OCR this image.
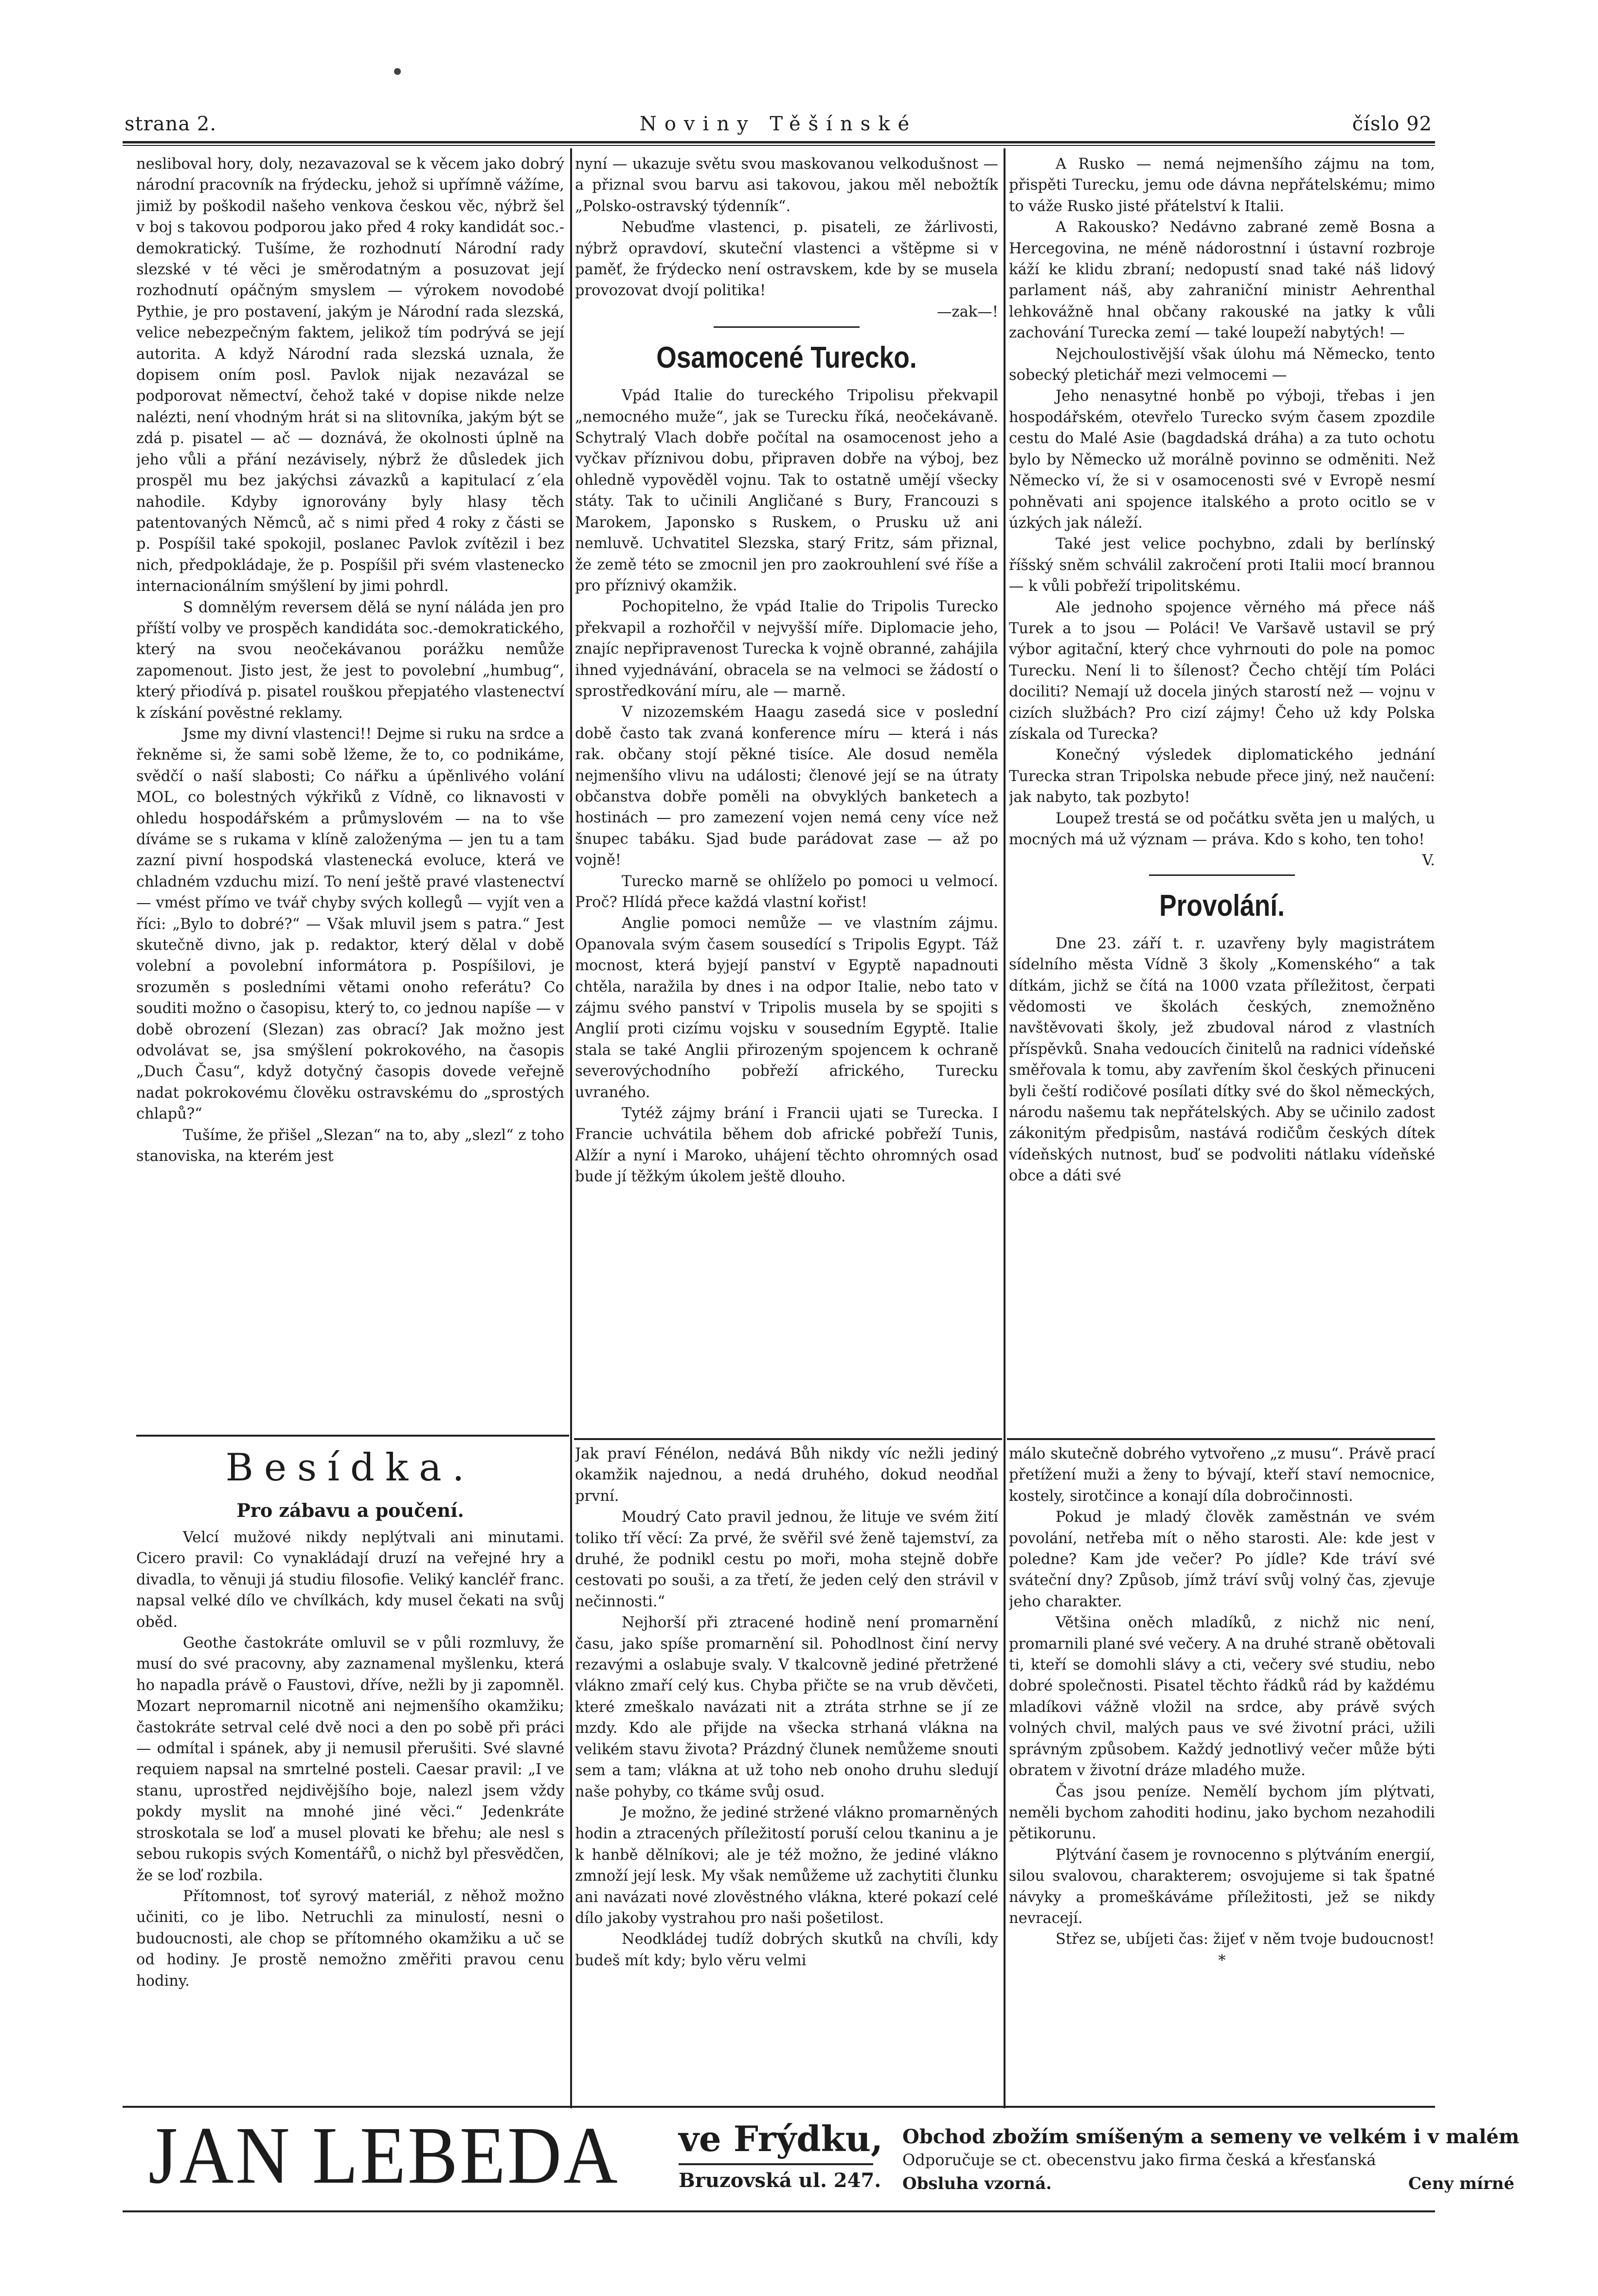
strana 2.	Noviny Těšínské	číslo 92

nesliboval hory, doly, nezavazoval se k věcem jako dobrý národní pracovník na frýdecku, jehož si upřímně vážíme, jimiž by poškodil našeho venkova českou věc, nýbrž šel v boj s takovou podporou jako před 4 roky kandidát soc.-demokratický. Tušíme, že rozhodnutí Národní rady slezské v té věci je směrodatným a posuzovat její rozhodnutí opáčným smyslem — výrokem novodobé Pythie, je pro postavení, jakým je Národní rada slezská, velice nebezpečným faktem, jelikož tím podrývá se její autorita. A když Národní rada slezská uznala, že dopisem oním posl. Pavlok nijak nezavázal se podporovat němectví, čehož také v dopise nikde nelze nalézti, není vhodným hrát si na slitovníka, jakým být se zdá p. pisatel — ač — doznává, že okolnosti úplně na jeho vůli a přání nezávisely, nýbrž že důsledek jich prospěl mu bez jakýchsi závazků a kapitulací z´ela nahodile. Kdyby ignorovány byly hlasy těch patentovaných Němců, ač s nimi před 4 roky z části se p. Pospíšil také spokojil, poslanec Pavlok zvítězil i bez nich, předpokládaje, že p. Pospíšil při svém vlastenecko internacionálním smýšlení by jimi pohrdl.

S domnělým reversem dělá se nyní náláda jen pro příští volby ve prospěch kandidáta soc.-demokratického, který na svou neočekávanou porážku nemůže zapomenout. Jisto jest, že jest to povolební „humbug“, který přiodívá p. pisatel rouškou přepjatého vlastenectví k získání pověstné reklamy.

Jsme my divní vlastenci!! Dejme si ruku na srdce a řekněme si, že sami sobě lžeme, že to, co podnikáme, svědčí o naší slabosti; Co nářku a úpěnlivého volání MOL, co bolestných výkřiků z Vídně, co liknavosti v ohledu hospodářském a průmyslovém — na to vše díváme se s rukama v klíně založenýma — jen tu a tam zazní pivní hospodská vlastenecká evoluce, která ve chladném vzduchu mizí. To není ještě pravé vlastenectví — vmést přímo ve tvář chyby svých kollegů — vyjít ven a říci: „Bylo to dobré?“ — Však mluvil jsem s patra.“ Jest skutečně divno, jak p. redaktor, který dělal v době volební a povolební informátora p. Pospíšilovi, je srozuměn s posledními větami onoho referátu? Co souditi možno o časopisu, který to, co jednou napíše — v době obrození (Slezan) zas obrací? Jak možno jest odvolávat se, jsa smýšlení pokrokového, na časopis „Duch Času“, když dotyčný časopis dovede veřejně nadat pokrokovému člověku ostravskému do „sprostých chlapů?“

Tušíme, že přišel „Slezan“ na to, aby „slezl“ z toho stanoviska, na kterém jest

nyní — ukazuje světu svou maskovanou velkodušnost — a přiznal svou barvu asi takovou, jakou měl nebožtík „Polsko-ostravský týdenník“.

Nebuďme vlastenci, p. pisateli, ze žárlivosti, nýbrž opravdoví, skuteční vlastenci a vštěpme si v paměť, že frýdecko není ostravskem, kde by se musela provozovat dvojí politika!

—zak—!

Osamocené Turecko.

Vpád Italie do tureckého Tripolisu překvapil „nemocného muže“, jak se Turecku říká, neočekávaně. Schytralý Vlach dobře počítal na osamocenost jeho a vyčkav příznivou dobu, připraven dobře na výboj, bez ohledně vypověděl vojnu. Tak to ostatně umějí všecky státy. Tak to učinili Angličané s Bury, Francouzi s Marokem, Japonsko s Ruskem, o Prusku už ani nemluvě. Uchvatitel Slezska, starý Fritz, sám přiznal, že země této se zmocnil jen pro zaokrouhlení své říše a pro příznivý okamžik.

Pochopitelno, že vpád Italie do Tripolis Turecko překvapil a rozhořčil v nejvyšší míře. Diplomacie jeho, znajíc nepřipravenost Turecka k vojně obranné, zahájila ihned vyjednávání, obracela se na velmoci se žádostí o sprostředkování míru, ale — marně.

V nizozemském Haagu zasedá sice v poslední době často tak zvaná konference míru — která i nás rak. občany stojí pěkné tisíce. Ale dosud neměla nejmenšího vlivu na události; členové její se na útraty občanstva dobře poměli na obvyklých banketech a hostinách — pro zamezení vojen nemá ceny více než šnupec tabáku. Sjad bude parádovat zase — až po vojně!

Turecko marně se ohlíželo po pomoci u velmocí. Proč? Hlídá přece každá vlastní kořist!

Anglie pomoci nemůže — ve vlastním zájmu. Opanovala svým časem sousedící s Tripolis Egypt. Táž mocnost, která byjejí panství v Egyptě napadnouti chtěla, naražila by dnes i na odpor Italie, nebo tato v zájmu svého panství v Tripolis musela by se spojiti s Anglií proti cizímu vojsku v sousedním Egyptě. Italie stala se také Anglii přirozeným spojencem k ochraně severovýchodního pobřeží afrického, Turecku uvraného.

Tytéž zájmy brání i Francii ujati se Turecka. I Francie uchvátila během dob africké pobřeží Tunis, Alžír a nyní i Maroko, uhájení těchto ohromných osad bude jí těžkým úkolem ještě dlouho.

A Rusko — nemá nejmenšího zájmu na tom, přispěti Turecku, jemu ode dávna nepřátelskému; mimo to váže Rusko jisté přátelství k Italii.

A Rakousko? Nedávno zabrané země Bosna a Hercegovina, ne méně nádorostnní i ústavní rozbroje káží ke klidu zbraní; nedopustí snad také náš lidový parlament náš, aby zahraniční ministr Aehrenthal lehkovážně hnal občany rakouské na jatky k vůli zachování Turecka zemí — také loupeží nabytých! —

Nejchoulostivější však úlohu má Německo, tento sobecký pletichář mezi velmocemi —

Jeho nenasytné honbě po výboji, třebas i jen hospodářském, otevřelo Turecko svým časem zpozdile cestu do Malé Asie (bagdadská dráha) a za tuto ochotu bylo by Německo už morálně povinno se odměniti. Než Německo ví, že si v osamocenosti své v Evropě nesmí pohněvati ani spojence italského a proto ocitlo se v úzkých jak náleží.

Také jest velice pochybno, zdali by berlínský říšský sněm schválil zakročení proti Italii mocí brannou — k vůli pobřeží tripolitskému.

Ale jednoho spojence věrného má přece náš Turek a to jsou — Poláci! Ve Varšavě ustavil se prý výbor agitační, který chce vyhrnouti do pole na pomoc Turecku. Není li to šílenost? Čecho chtějí tím Poláci dociliti? Nemají už docela jiných starostí než — vojnu v cizích službách? Pro cizí zájmy! Čeho už kdy Polska získala od Turecka?

Konečný výsledek diplomatického jednání Turecka stran Tripolska nebude přece jiný, než naučení: jak nabyto, tak pozbyto!

Loupež trestá se od počátku světa jen u malých, u mocných má už význam — práva. Kdo s koho, ten toho!

V.

Provolání.

Dne 23. září t. r. uzavřeny byly magistrátem sídelního města Vídně 3 školy „Komenského“ a tak dítkám, jichž se čítá na 1000 vzata příležitost, čerpati vědomosti ve školách českých, znemožněno navštěvovati školy, jež zbudoval národ z vlastních příspěvků. Snaha vedoucích činitelů na radnici vídeňské směřovala k tomu, aby zavřením škol českých přinuceni byli čeští rodičové posílati dítky své do škol německých, národu našemu tak nepřátelských. Aby se učinilo zadost zákonitým předpisům, nastává rodičům českých dítek vídeňských nutnost, buď se podvoliti nátlaku vídeňské obce a dáti své

Besídka.
Pro zábavu a poučení.

Velcí mužové nikdy neplýtvali ani minutami. Cicero pravil: Co vynakládají druzí na veřejné hry a divadla, to věnuji já studiu filosofie. Veliký kancléř franc. napsal velké dílo ve chvílkách, kdy musel čekati na svůj oběd.

Geothe častokráte omluvil se v půli rozmluvy, že musí do své pracovny, aby zaznamenal myšlenku, která ho napadla právě o Faustovi, dříve, nežli by ji zapomněl. Mozart nepromarnil nicotně ani nejmenšího okamžiku; častokráte setrval celé dvě noci a den po sobě při práci — odmítal i spánek, aby ji nemusil přerušiti. Své slavné requiem napsal na smrtelné posteli. Caesar pravil: „I ve stanu, uprostřed nejdivějšího boje, nalezl jsem vždy pokdy myslit na mnohé jiné věci.“ Jedenkráte stroskotala se loď a musel plovati ke břehu; ale nesl s sebou rukopis svých Komentářů, o nichž byl přesvědčen, že se loď rozbila.

Přítomnost, toť syrový materiál, z něhož možno učiniti, co je libo. Netruchli za minulostí, nesni o budoucnosti, ale chop se přítomného okamžiku a uč se od hodiny. Je prostě nemožno změřiti pravou cenu hodiny.

Jak praví Fénélon, nedává Bůh nikdy víc nežli jediný okamžik najednou, a nedá druhého, dokud neodňal první.

Moudrý Cato pravil jednou, že lituje ve svém žití toliko tří věcí: Za prvé, že svěřil své ženě tajemství, za druhé, že podnikl cestu po moři, moha stejně dobře cestovati po souši, a za třetí, že jeden celý den strávil v nečinnosti.“

Nejhorší při ztracené hodině není promarnění času, jako spíše promarnění sil. Pohodlnost činí nervy rezavými a oslabuje svaly. V tkalcovně jediné přetržené vlákno zmaří celý kus. Chyba přičte se na vrub děvčeti, které zmeškalo navázati nit a ztráta strhne se jí ze mzdy. Kdo ale přijde na všecka strhaná vlákna na velikém stavu života? Prázdný člunek nemůžeme snouti sem a tam; vlákna at už toho neb onoho druhu sledují naše pohyby, co tkáme svůj osud.

Je možno, že jediné stržené vlákno promarněných hodin a ztracených příležitostí poruší celou tkaninu a je k hanbě dělníkovi; ale je též možno, že jediné vlákno zmnoží její lesk. My však nemůžeme už zachytiti člunku ani navázati nové zlověstného vlákna, které pokazí celé dílo jakoby vystrahou pro naši pošetilost.

Neodkládej tudíž dobrých skutků na chvíli, kdy budeš mít kdy; bylo věru velmi

málo skutečně dobrého vytvořeno „z musu“. Právě prací přetížení muži a ženy to bývají, kteří staví nemocnice, kostely, sirotčince a konají díla dobročinnosti.

Pokud je mladý člověk zaměstnán ve svém povolání, netřeba mít o něho starosti. Ale: kde jest v poledne? Kam jde večer? Po jídle? Kde tráví své sváteční dny? Způsob, jímž tráví svůj volný čas, zjevuje jeho charakter.

Většina oněch mladíků, z nichž nic není, promarnili plané své večery. A na druhé straně obětovali ti, kteří se domohli slávy a cti, večery své studiu, nebo dobré společnosti. Pisatel těchto řádků rád by každému mladíkovi vážně vložil na srdce, aby právě svých volných chvil, malých paus ve své životní práci, užili správným způsobem. Každý jednotlivý večer může býti obratem v životní dráze mladého muže.

Čas jsou peníze. Nemělí bychom jím plýtvati, neměli bychom zahoditi hodinu, jako bychom nezahodili pětikorunu.

Plýtvání časem je rovnocenno s plýtváním energií, silou svalovou, charakterem; osvojujeme si tak špatné návyky a promeškáváme příležitosti, jež se nikdy nevracejí.

Střez se, ubíjeti čas: žijeť v něm tvoje budoucnost!

*

JAN LEBEDA ve Frýdku,
Bruzovská ul. 247.
Obchod zbožím smíšeným a semeny ve velkém i v malém
Odporučuje se ct. obecenstvu jako firma česká a křesťanská
Obsluha vzorná.	Ceny mírné
